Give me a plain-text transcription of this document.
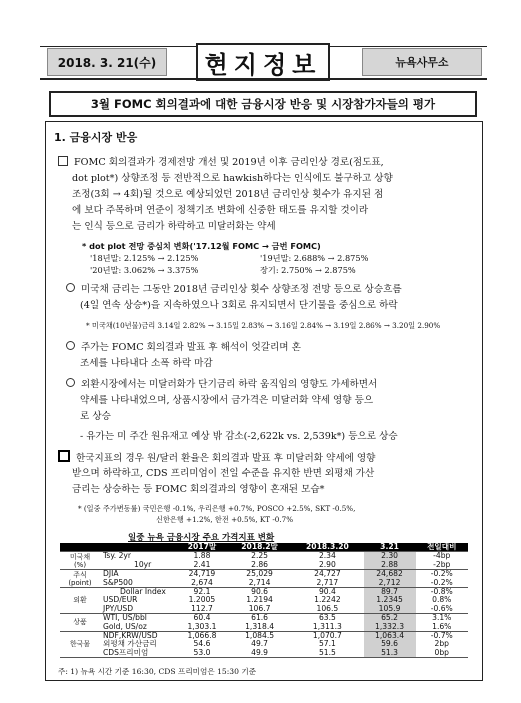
2018. 3. 21(수)	현지정보	뉴욕사무소
3월 FOMC 회의결과에 대한 금융시장 반응 및 시장참가자들의 평가
1. 금융시장 반응
FOMC 회의결과가 경제전망 개선 및 2019년 이후 금리인상 경로(점도표,
dot plot*) 상향조정 등 전반적으로 hawkish하다는 인식에도 불구하고 상향
조정(3회 → 4회)될 것으로 예상되었던 2018년 금리인상 횟수가 유지된 점
에 보다 주목하며 연준이 정책기조 변화에 신중한 태도를 유지할 것이라
는 인식 등으로 금리가 하락하고 미달러화는 약세
* dot plot 전망 중심치 변화('17.12월 FOMC → 금번 FOMC)
'18년말: 2.125% → 2.125%	'19년말: 2.688% → 2.875%
'20년말: 3.062% → 3.375%	장기: 2.750% → 2.875%
미국채 금리는 그동안 2018년 금리인상 횟수 상향조정 전망 등으로 상승흐름
(4일 연속 상승*)을 지속하였으나 3회로 유지되면서 단기물을 중심으로 하락
* 미국채(10년물)금리 3.14일 2.82% → 3.15일 2.83% → 3.16일 2.84% → 3.19일 2.86% → 3.20일 2.90%
주가는 FOMC 회의결과 발표 후 해석이 엇갈리며 혼
조세를 나타내다 소폭 하락 마감
외환시장에서는 미달러화가 단기금리 하락 움직임의 영향도 가세하면서
약세를 나타내었으며, 상품시장에서 금가격은 미달러화 약세 영향 등으
로 상승
- 유가는 미 주간 원유재고 예상 밖 감소(-2,622k vs. 2,539k*) 등으로 상승
한국지표의 경우 원/달러 환율은 회의결과 발표 후 미달러화 약세에 영향
받으며 하락하고, CDS 프리미엄이 전일 수준을 유지한 반면 외평채 가산
금리는 상승하는 등 FOMC 회의결과의 영향이 혼재된 모습*
* (일중 주가변동률) 국민은행 -0.1%, 우리은행 +0.7%, POSCO +2.5%, SKT -0.5%,
신한은행 +1.2%, 한전 +0.5%, KT -0.7%
일중 뉴욕 금융시장 주요 가격지표 변화
		2017말	2018.2말	2018.3.20	3.21	전일대비
미국채
(%)	Tsy. 2yr	1.88	2.25	2.34	2.30	-4bp
	10yr	2.41	2.86	2.90	2.88	-2bp
주식
(point)	DJIA	24,719	25,029	24,727	24,682	-0.2%
	S&P500	2,674	2,714	2,717	2,712	-0.2%
외환	Dollar Index	92.1	90.6	90.4	89.7	-0.8%
	USD/EUR	1.2005	1.2194	1.2242	1.2345	0.8%
	JPY/USD	112.7	106.7	106.5	105.9	-0.6%
상품	WTI, US/bbl	60.4	61.6	63.5	65.2	3.1%
	Gold, US/oz	1,303.1	1,318.4	1,311.3	1,332.3	1.6%
한국물	NDF,KRW/USD	1,066.8	1,084.5	1,070.7	1,063.4	-0.7%
	외평채 가산금리	54.6	49.7	57.1	59.6	2bp
	CDS프리미엄	53.0	49.9	51.5	51.3	0bp
주: 1) 뉴욕 시간 기준 16:30, CDS 프리미엄은 15:30 기준
